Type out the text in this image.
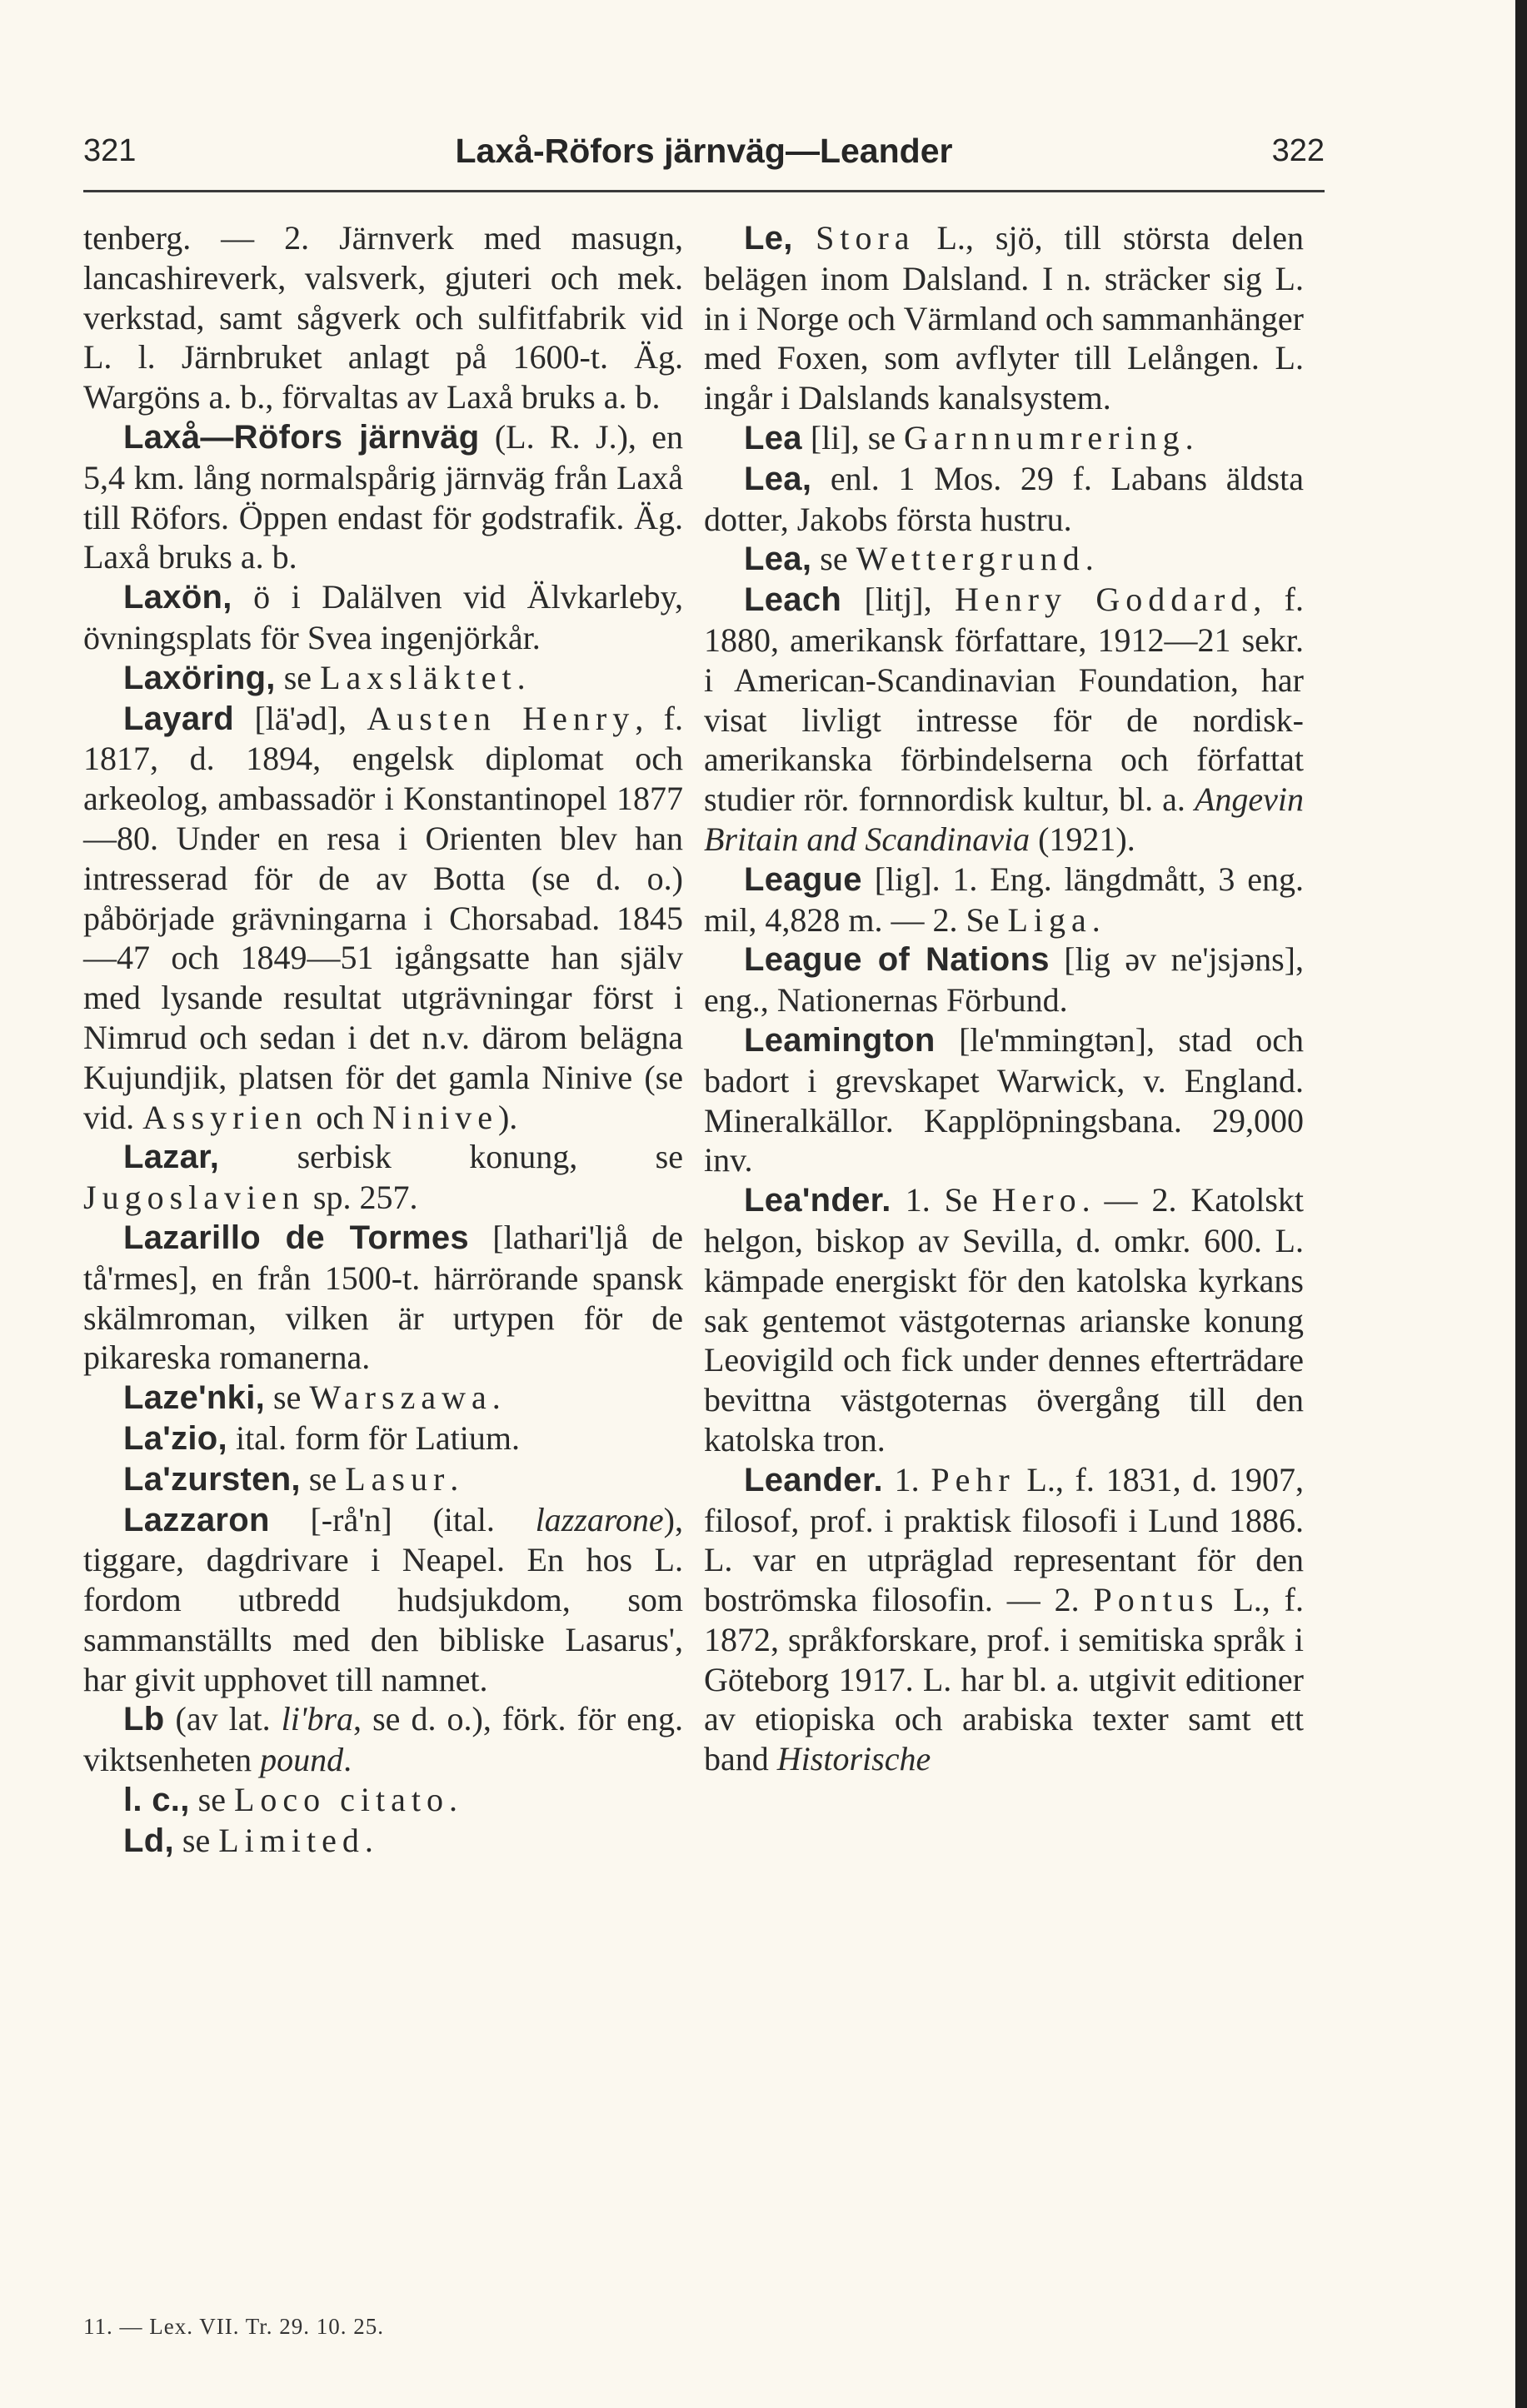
321	Laxå-Röfors järnväg—Leander	322

tenberg. — 2. Järnverk med masugn, lancashireverk, valsverk, gjuteri och mek. verkstad, samt sågverk och sulfitfabrik vid L. l. Järnbruket anlagt på 1600-t. Äg. Wargöns a. b., förvaltas av Laxå bruks a. b.

Laxå—Röfors järnväg (L. R. J.), en 5,4 km. lång normalspårig järnväg från Laxå till Röfors. Öppen endast för godstrafik. Äg. Laxå bruks a. b.

Laxön, ö i Dalälven vid Älvkarleby, övningsplats för Svea ingenjörkår.

Laxöring, se Laxsläktet.

Layard [lä'əd], Austen Henry, f. 1817, d. 1894, engelsk diplomat och arkeolog, ambassadör i Konstantinopel 1877—80. Under en resa i Orienten blev han intresserad för de av Botta (se d. o.) påbörjade grävningarna i Chorsabad. 1845—47 och 1849—51 igångsatte han själv med lysande resultat utgrävningar först i Nimrud och sedan i det n.v. därom belägna Kujundjik, platsen för det gamla Ninive (se vid. Assyrien och Ninive).

Lazar, serbisk konung, se Jugoslavien sp. 257.

Lazarillo de Tormes [lathari'ljå de tå'rmes], en från 1500-t. härrörande spansk skälmroman, vilken är urtypen för de pikareska romanerna.

Laze'nki, se Warszawa.

La'zio, ital. form för Latium.

La'zursten, se Lasur.

Lazzaron [-rå'n] (ital. lazzarone), tiggare, dagdrivare i Neapel. En hos L. fordom utbredd hudsjukdom, som sammanställts med den bibliske Lasarus', har givit upphovet till namnet.

Lb (av lat. li'bra, se d. o.), förk. för eng. viktsenheten pound.

l. c., se Loco citato.

Ld, se Limited.

Le, Stora L., sjö, till största delen belägen inom Dalsland. I n. sträcker sig L. in i Norge och Värmland och sammanhänger med Foxen, som avflyter till Lelången. L. ingår i Dalslands kanalsystem.

Lea [li], se Garnnumrering.

Lea, enl. 1 Mos. 29 f. Labans äldsta dotter, Jakobs första hustru.

Lea, se Wettergrund.

Leach [litj], Henry Goddard, f. 1880, amerikansk författare, 1912—21 sekr. i American-Scandinavian Foundation, har visat livligt intresse för de nordisk-amerikanska förbindelserna och författat studier rör. fornnordisk kultur, bl. a. Angevin Britain and Scandinavia (1921).

League [lig]. 1. Eng. längdmått, 3 eng. mil, 4,828 m. — 2. Se Liga.

League of Nations [lig əv ne'jsjəns], eng., Nationernas Förbund.

Leamington [le'mmingtən], stad och badort i grevskapet Warwick, v. England. Mineralkällor. Kapplöpningsbana. 29,000 inv.

Lea'nder. 1. Se Hero. — 2. Katolskt helgon, biskop av Sevilla, d. omkr. 600. L. kämpade energiskt för den katolska kyrkans sak gentemot västgoternas arianske konung Leovigild och fick under dennes efterträdare bevittna västgoternas övergång till den katolska tron.

Leander. 1. Pehr L., f. 1831, d. 1907, filosof, prof. i praktisk filosofi i Lund 1886. L. var en utpräglad representant för den boströmska filosofin. — 2. Pontus L., f. 1872, språkforskare, prof. i semitiska språk i Göteborg 1917. L. har bl. a. utgivit editioner av etiopiska och arabiska texter samt ett band Historische

11. — Lex. VII. Tr. 29. 10. 25.
